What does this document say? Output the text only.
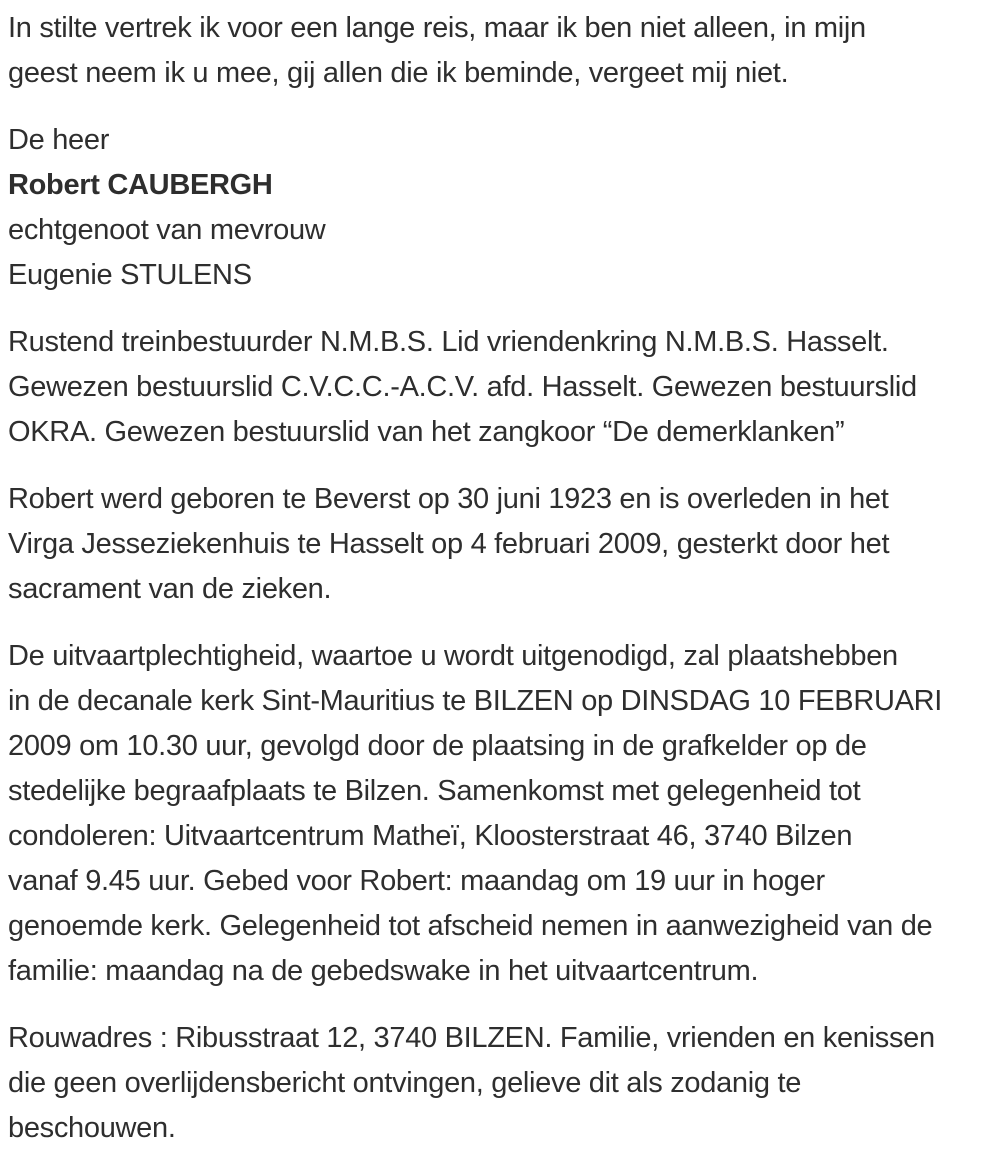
In stilte vertrek ik voor een lange reis, maar ik ben niet alleen, in mijn
geest neem ik u mee, gij allen die ik beminde, vergeet mij niet.
De heer
Robert CAUBERGH
echtgenoot van mevrouw
Eugenie STULENS
Rustend treinbestuurder N.M.B.S. Lid vriendenkring N.M.B.S. Hasselt.
Gewezen bestuurslid C.V.C.C.-A.C.V. afd. Hasselt. Gewezen bestuurslid
OKRA. Gewezen bestuurslid van het zangkoor “De demerklanken”
Robert werd geboren te Beverst op 30 juni 1923 en is overleden in het
Virga Jesseziekenhuis te Hasselt op 4 februari 2009, gesterkt door het
sacrament van de zieken.
De uitvaartplechtigheid, waartoe u wordt uitgenodigd, zal plaatshebben
in de decanale kerk Sint-Mauritius te BILZEN op DINSDAG 10 FEBRUARI
2009 om 10.30 uur, gevolgd door de plaatsing in de grafkelder op de
stedelijke begraafplaats te Bilzen. Samenkomst met gelegenheid tot
condoleren: Uitvaartcentrum Matheï, Kloosterstraat 46, 3740 Bilzen
vanaf 9.45 uur. Gebed voor Robert: maandag om 19 uur in hoger
genoemde kerk. Gelegenheid tot afscheid nemen in aanwezigheid van de
familie: maandag na de gebedswake in het uitvaartcentrum.
Rouwadres : Ribusstraat 12, 3740 BILZEN. Familie, vrienden en kenissen
die geen overlijdensbericht ontvingen, gelieve dit als zodanig te
beschouwen.
